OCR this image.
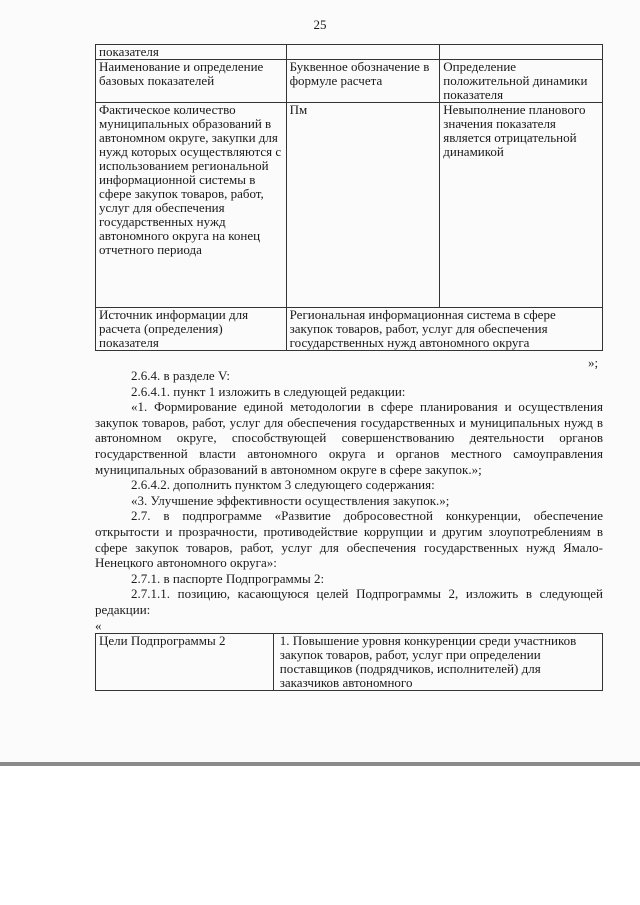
25
показателя		
Наименование и определение базовых показателей	Буквенное обозначение в формуле расчета	Определение положительной динамики показателя
Фактическое количество муниципальных образований в автономном округе, закупки для нужд которых осуществляются с использованием региональной информационной системы в сфере закупок товаров, работ, услуг для обеспечения государственных нужд автономного округа на конец отчетного периода	Пм	Невыполнение планового значения показателя является отрицательной динамикой
Источник информации для расчета (определения) показателя	Региональная информационная система в сфере закупок товаров, работ, услуг для обеспечения государственных нужд автономного округа	
»;

2.6.4. в разделе V:

2.6.4.1. пункт 1 изложить в следующей редакции:

«1. Формирование единой методологии в сфере планирования и осуществления закупок товаров, работ, услуг для обеспечения государственных и муниципальных нужд в автономном округе, способствующей совершенствованию деятельности органов государственной власти автономного округа и органов местного самоуправления муниципальных образований в автономном округе в сфере закупок.»;

2.6.4.2. дополнить пунктом 3 следующего содержания:

«3. Улучшение эффективности осуществления закупок.»;

2.7. в подпрограмме «Развитие добросовестной конкуренции, обеспечение открытости и прозрачности, противодействие коррупции и другим злоупотреблениям в сфере закупок товаров, работ, услуг для обеспечения государственных нужд Ямало-Ненецкого автономного округа»:

2.7.1. в паспорте Подпрограммы 2:

2.7.1.1. позицию, касающуюся целей Подпрограммы 2, изложить в следующей редакции:

«

Цели Подпрограммы 2	1. Повышение уровня конкуренции среди участников закупок товаров, работ, услуг при определении поставщиков (подрядчиков, исполнителей) для заказчиков автономного
